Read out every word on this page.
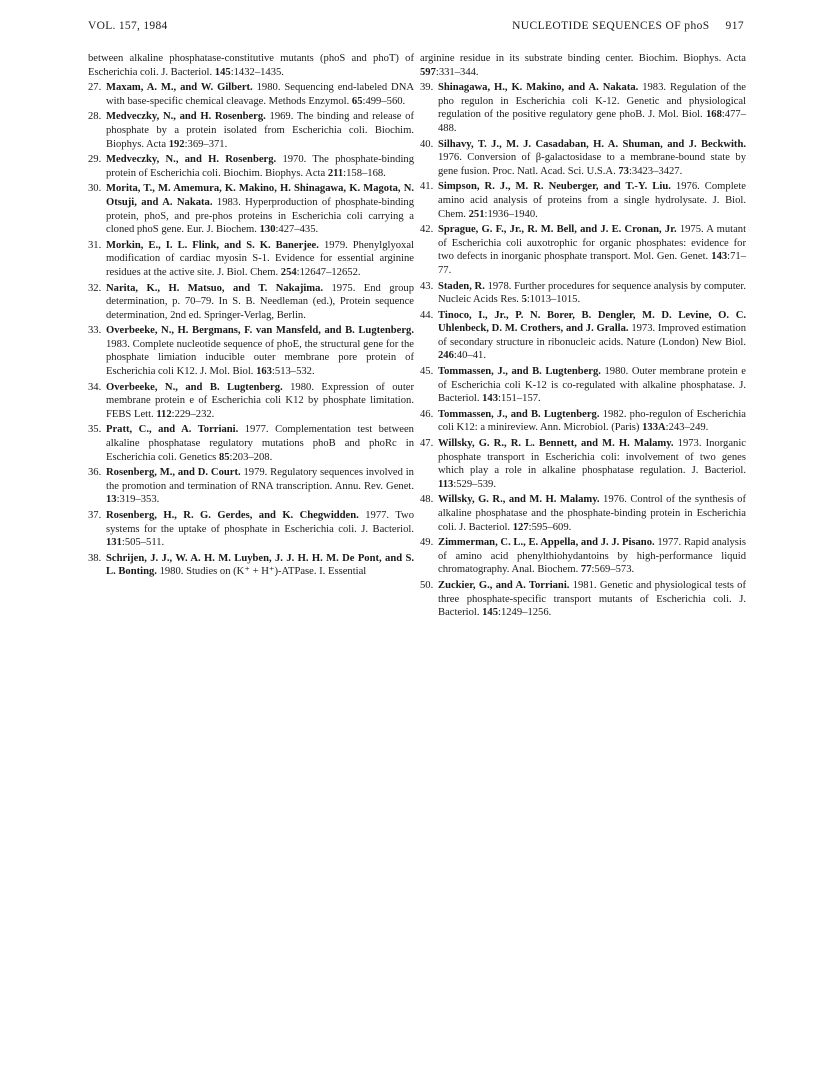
VOL. 157, 1984	NUCLEOTIDE SEQUENCES OF phoS 917
between alkaline phosphatase-constitutive mutants (phoS and phoT) of Escherichia coli. J. Bacteriol. 145:1432–1435.
27. Maxam, A. M., and W. Gilbert. 1980. Sequencing end-labeled DNA with base-specific chemical cleavage. Methods Enzymol. 65:499–560.
28. Medveczky, N., and H. Rosenberg. 1969. The binding and release of phosphate by a protein isolated from Escherichia coli. Biochim. Biophys. Acta 192:369–371.
29. Medveczky, N., and H. Rosenberg. 1970. The phosphate-binding protein of Escherichia coli. Biochim. Biophys. Acta 211:158–168.
30. Morita, T., M. Amemura, K. Makino, H. Shinagawa, K. Magota, N. Otsuji, and A. Nakata. 1983. Hyperproduction of phosphate-binding protein, phoS, and pre-phos proteins in Escherichia coli carrying a cloned phoS gene. Eur. J. Biochem. 130:427–435.
31. Morkin, E., I. L. Flink, and S. K. Banerjee. 1979. Phenylglyoxal modification of cardiac myosin S-1. Evidence for essential arginine residues at the active site. J. Biol. Chem. 254:12647–12652.
32. Narita, K., H. Matsuo, and T. Nakajima. 1975. End group determination, p. 70–79. In S. B. Needleman (ed.), Protein sequence determination, 2nd ed. Springer-Verlag, Berlin.
33. Overbeeke, N., H. Bergmans, F. van Mansfeld, and B. Lugtenberg. 1983. Complete nucleotide sequence of phoE, the structural gene for the phosphate limiation inducible outer membrane pore protein of Escherichia coli K12. J. Mol. Biol. 163:513–532.
34. Overbeeke, N., and B. Lugtenberg. 1980. Expression of outer membrane protein e of Escherichia coli K12 by phosphate limitation. FEBS Lett. 112:229–232.
35. Pratt, C., and A. Torriani. 1977. Complementation test between alkaline phosphatase regulatory mutations phoB and phoRc in Escherichia coli. Genetics 85:203–208.
36. Rosenberg, M., and D. Court. 1979. Regulatory sequences involved in the promotion and termination of RNA transcription. Annu. Rev. Genet. 13:319–353.
37. Rosenberg, H., R. G. Gerdes, and K. Chegwidden. 1977. Two systems for the uptake of phosphate in Escherichia coli. J. Bacteriol. 131:505–511.
38. Schrijen, J. J., W. A. H. M. Luyben, J. J. H. H. M. De Pont, and S. L. Bonting. 1980. Studies on (K⁺ + H⁺)-ATPase. I. Essential
arginine residue in its substrate binding center. Biochim. Biophys. Acta 597:331–344.
39. Shinagawa, H., K. Makino, and A. Nakata. 1983. Regulation of the pho regulon in Escherichia coli K-12. Genetic and physiological regulation of the positive regulatory gene phoB. J. Mol. Biol. 168:477–488.
40. Silhavy, T. J., M. J. Casadaban, H. A. Shuman, and J. Beckwith. 1976. Conversion of β-galactosidase to a membrane-bound state by gene fusion. Proc. Natl. Acad. Sci. U.S.A. 73:3423–3427.
41. Simpson, R. J., M. R. Neuberger, and T.-Y. Liu. 1976. Complete amino acid analysis of proteins from a single hydrolysate. J. Biol. Chem. 251:1936–1940.
42. Sprague, G. F., Jr., R. M. Bell, and J. E. Cronan, Jr. 1975. A mutant of Escherichia coli auxotrophic for organic phosphates: evidence for two defects in inorganic phosphate transport. Mol. Gen. Genet. 143:71–77.
43. Staden, R. 1978. Further procedures for sequence analysis by computer. Nucleic Acids Res. 5:1013–1015.
44. Tinoco, I., Jr., P. N. Borer, B. Dengler, M. D. Levine, O. C. Uhlenbeck, D. M. Crothers, and J. Gralla. 1973. Improved estimation of secondary structure in ribonucleic acids. Nature (London) New Biol. 246:40–41.
45. Tommassen, J., and B. Lugtenberg. 1980. Outer membrane protein e of Escherichia coli K-12 is co-regulated with alkaline phosphatase. J. Bacteriol. 143:151–157.
46. Tommassen, J., and B. Lugtenberg. 1982. pho-regulon of Escherichia coli K12: a minireview. Ann. Microbiol. (Paris) 133A:243–249.
47. Willsky, G. R., R. L. Bennett, and M. H. Malamy. 1973. Inorganic phosphate transport in Escherichia coli: involvement of two genes which play a role in alkaline phosphatase regulation. J. Bacteriol. 113:529–539.
48. Willsky, G. R., and M. H. Malamy. 1976. Control of the synthesis of alkaline phosphatase and the phosphate-binding protein in Escherichia coli. J. Bacteriol. 127:595–609.
49. Zimmerman, C. L., E. Appella, and J. J. Pisano. 1977. Rapid analysis of amino acid phenylthiohydantoins by high-performance liquid chromatography. Anal. Biochem. 77:569–573.
50. Zuckier, G., and A. Torriani. 1981. Genetic and physiological tests of three phosphate-specific transport mutants of Escherichia coli. J. Bacteriol. 145:1249–1256.
